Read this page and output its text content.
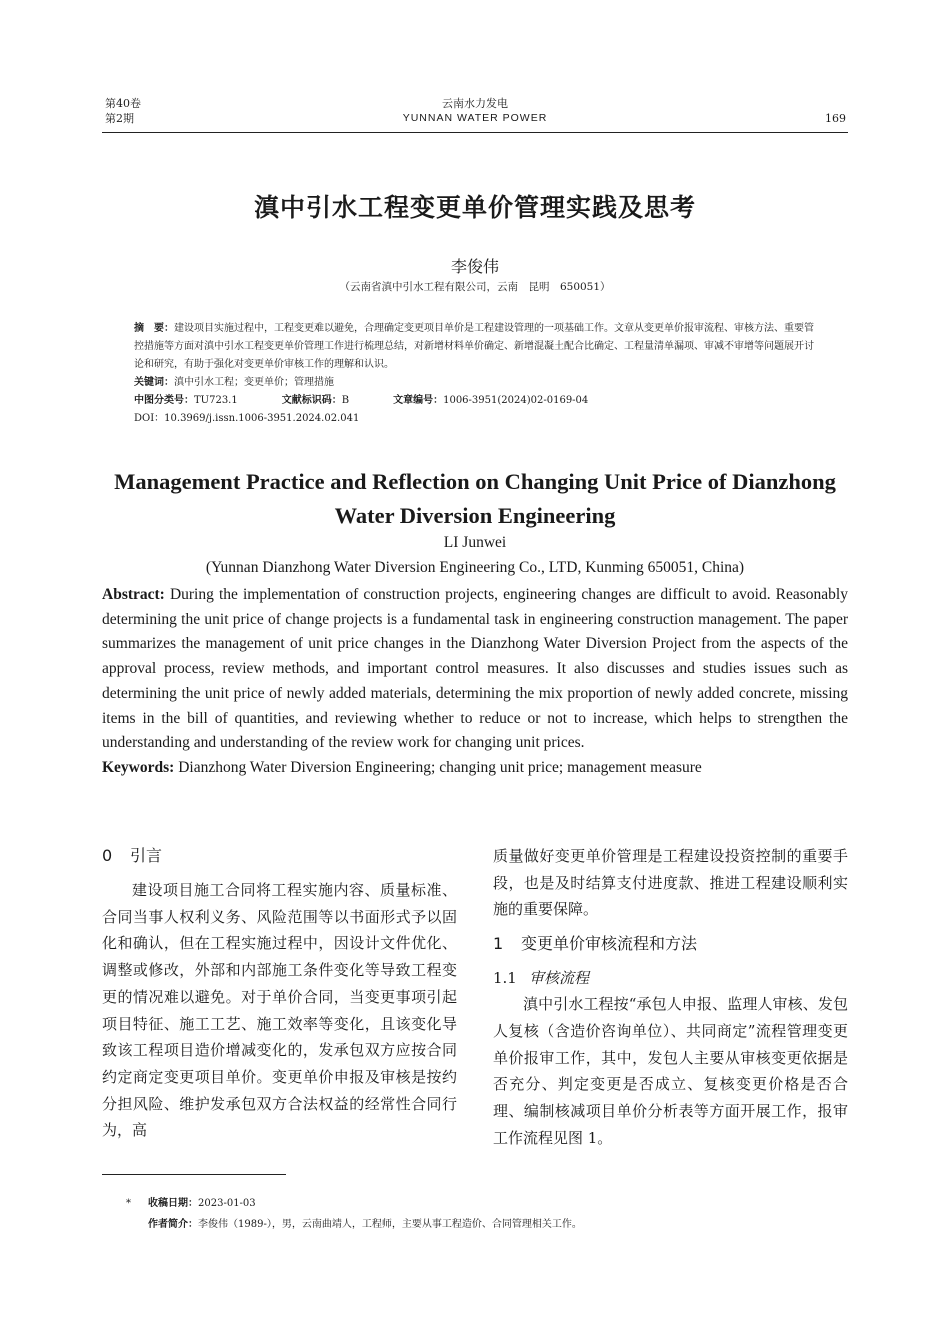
第40卷
第2期
云南水力发电
YUNNAN WATER POWER	169
滇中引水工程变更单价管理实践及思考
李俊伟
（云南省滇中引水工程有限公司，云南　昆明　650051）

摘　要：建设项目实施过程中，工程变更难以避免，合理确定变更项目单价是工程建设管理的一项基础工作。文章从变更单价报审流程、审核方法、重要管控措施等方面对滇中引水工程变更单价管理工作进行梳理总结，对新增材料单价确定、新增混凝土配合比确定、工程量清单漏项、审减不审增等问题展开讨论和研究，有助于强化对变更单价审核工作的理解和认识。

关键词：滇中引水工程；变更单价；管理措施

中图分类号：TU723.1	文献标识码：B	文章编号：1006-3951(2024)02-0169-04

DOI：10.3969/j.issn.1006-3951.2024.02.041

Management Practice and Reflection on Changing Unit Price of Dianzhong Water Diversion Engineering
LI Junwei
(Yunnan Dianzhong Water Diversion Engineering Co., LTD, Kunming 650051, China)

Abstract: During the implementation of construction projects, engineering changes are difficult to avoid. Reasonably determining the unit price of change projects is a fundamental task in engineering construction management. The paper summarizes the management of unit price changes in the Dianzhong Water Diversion Project from the aspects of the approval process, review methods, and important control measures. It also discusses and studies issues such as determining the unit price of newly added materials, determining the mix proportion of newly added concrete, missing items in the bill of quantities, and reviewing whether to reduce or not to increase, which helps to strengthen the understanding and understanding of the review work for changing unit prices.

Keywords: Dianzhong Water Diversion Engineering; changing unit price; management measure

0 引言

建设项目施工合同将工程实施内容、质量标准、合同当事人权利义务、风险范围等以书面形式予以固化和确认，但在工程实施过程中，因设计文件优化、调整或修改，外部和内部施工条件变化等导致工程变更的情况难以避免。对于单价合同，当变更事项引起项目特征、施工工艺、施工效率等变化，且该变化导致该工程项目造价增减变化的，发承包双方应按合同约定商定变更项目单价。变更单价申报及审核是按约分担风险、维护发承包双方合法权益的经常性合同行为，高

质量做好变更单价管理是工程建设投资控制的重要手段，也是及时结算支付进度款、推进工程建设顺利实施的重要保障。

1 变更单价审核流程和方法
1.1 审核流程

滇中引水工程按“承包人申报、监理人审核、发包人复核（含造价咨询单位）、共同商定”流程管理变更单价报审工作，其中，发包人主要从审核变更依据是否充分、判定变更是否成立、复核变更价格是否合理、编制核减项目单价分析表等方面开展工作，报审工作流程见图 1。

* 收稿日期：2023-01-03

作者简介：李俊伟（1989-），男，云南曲靖人，工程师，主要从事工程造价、合同管理相关工作。
